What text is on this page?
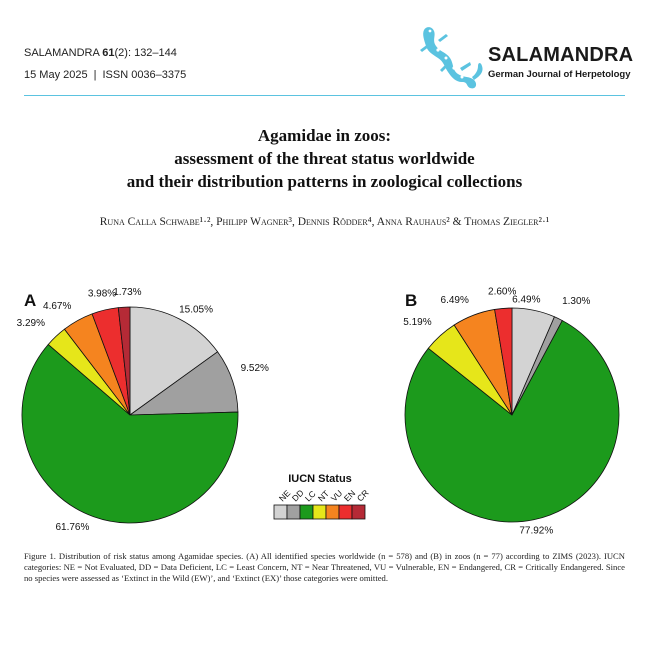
SALAMANDRA 61(2): 132–144
15 May 2025 | ISSN 0036–3375
SALAMANDRA
German Journal of Herpetology
Agamidae in zoos:
assessment of the threat status worldwide
and their distribution patterns in zoological collections
Runa Calla Schwabe¹·², Philipp Wagner³, Dennis Rödder⁴, Anna Rauhaus² & Thomas Ziegler²·¹
A	B
15.05%
9.52%
61.76%
3.29%
4.67%
3.98%
1.73%
6.49% 1.30%
77.92%
5.19%
6.49%
2.60%
IUCN Status
NE
DD
LC
NT
VU
EN
CR
Figure 1. Distribution of risk status among Agamidae species. (A) All identified species worldwide (n = 578) and (B) in zoos (n = 77) according to ZIMS (2023). IUCN categories: NE = Not Evaluated, DD = Data Deficient, LC = Least Concern, NT = Near Threatened, VU = Vulnerable, EN = Endangered, CR = Critically Endangered. Since no species were assessed as ‘Extinct in the Wild (EW)’, and ‘Extinct (EX)’ those categories were omitted.
